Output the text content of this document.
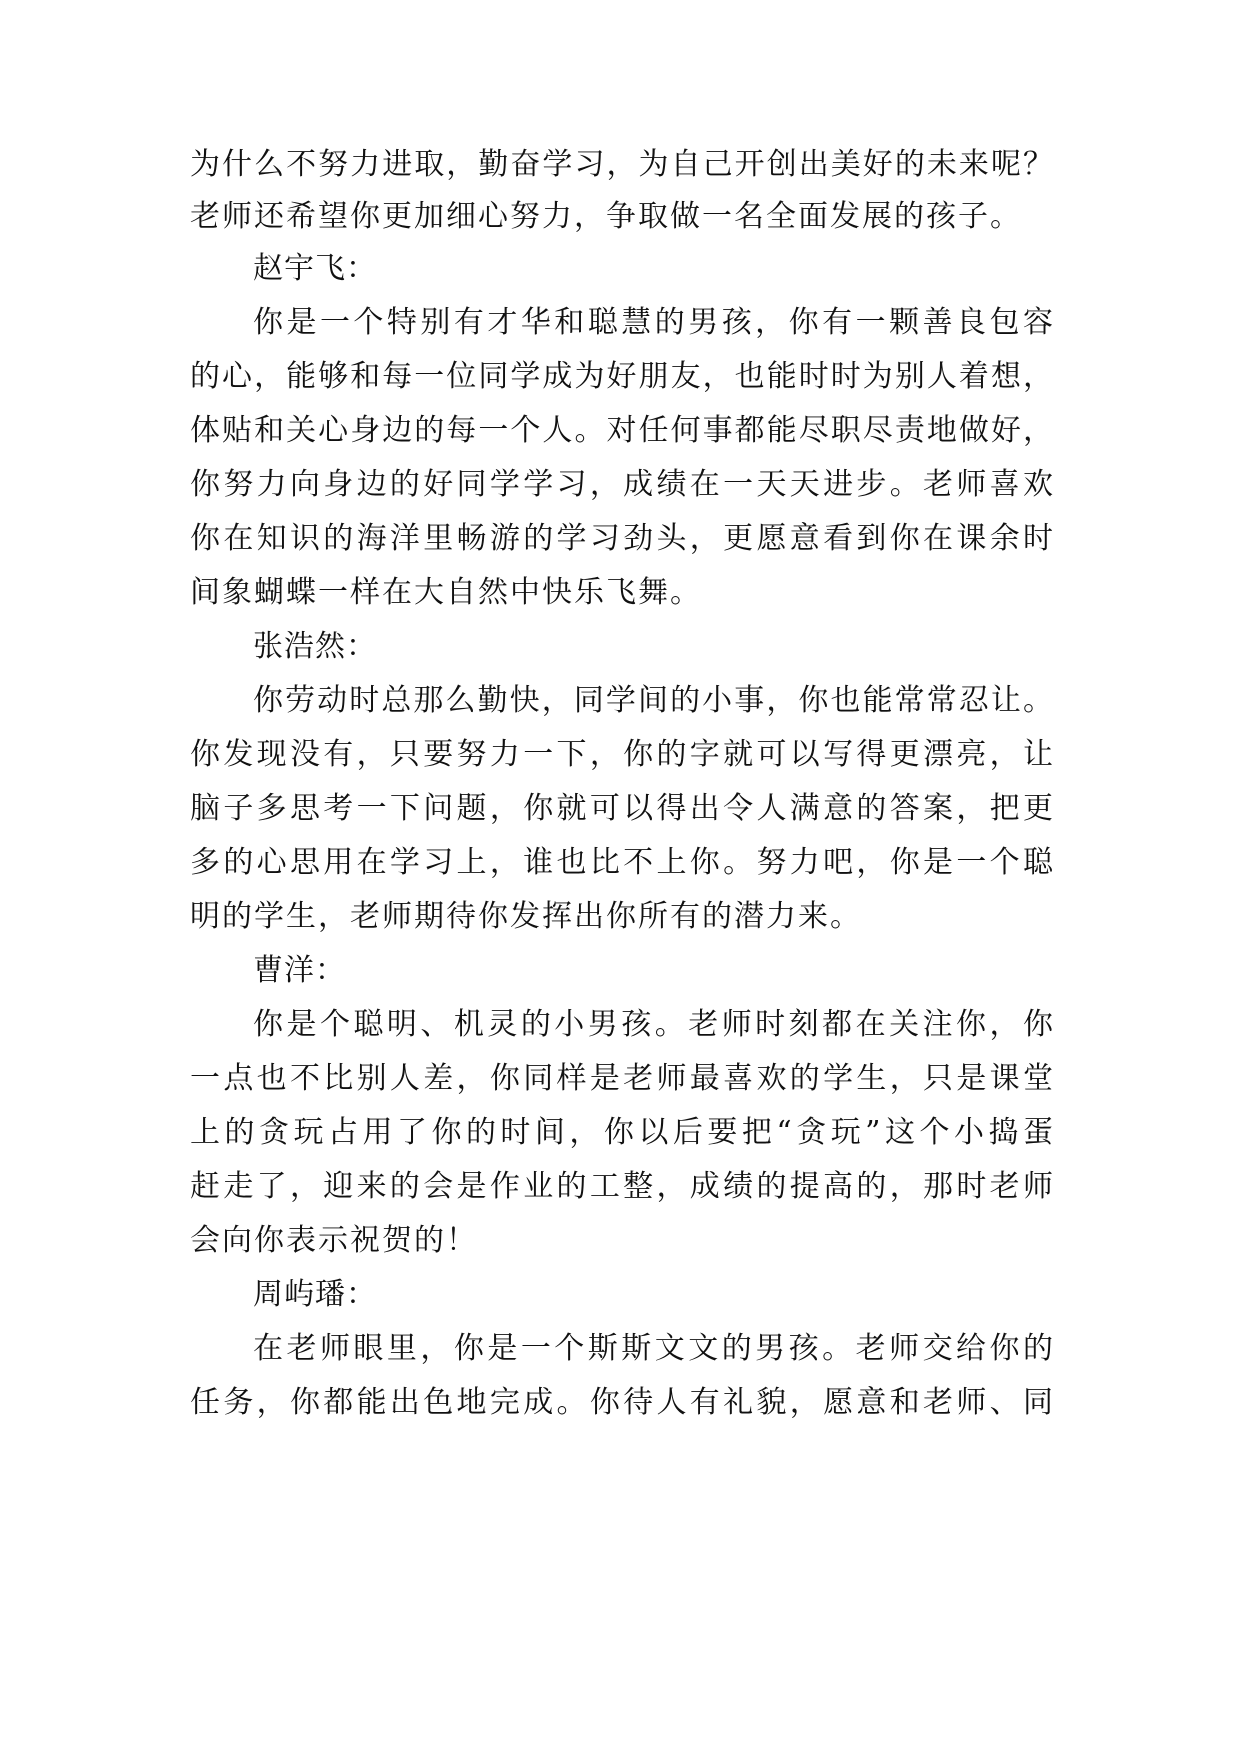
为什么不努力进取，勤奋学习，为自己开创出美好的未来呢？
老师还希望你更加细心努力，争取做一名全面发展的孩子。
赵宇飞：
你是一个特别有才华和聪慧的男孩，你有一颗善良包容
的心，能够和每一位同学成为好朋友，也能时时为别人着想，
体贴和关心身边的每一个人。对任何事都能尽职尽责地做好，
你努力向身边的好同学学习，成绩在一天天进步。老师喜欢
你在知识的海洋里畅游的学习劲头，更愿意看到你在课余时
间象蝴蝶一样在大自然中快乐飞舞。
张浩然：
你劳动时总那么勤快，同学间的小事，你也能常常忍让。
你发现没有，只要努力一下，你的字就可以写得更漂亮，让
脑子多思考一下问题，你就可以得出令人满意的答案，把更
多的心思用在学习上，谁也比不上你。努力吧，你是一个聪
明的学生，老师期待你发挥出你所有的潜力来。
曹洋：
你是个聪明、机灵的小男孩。老师时刻都在关注你，你
一点也不比别人差，你同样是老师最喜欢的学生，只是课堂
上的贪玩占用了你的时间，你以后要把“贪玩”这个小捣蛋
赶走了，迎来的会是作业的工整，成绩的提高的，那时老师
会向你表示祝贺的！
周屿璠：
在老师眼里，你是一个斯斯文文的男孩。老师交给你的
任务，你都能出色地完成。你待人有礼貌，愿意和老师、同
